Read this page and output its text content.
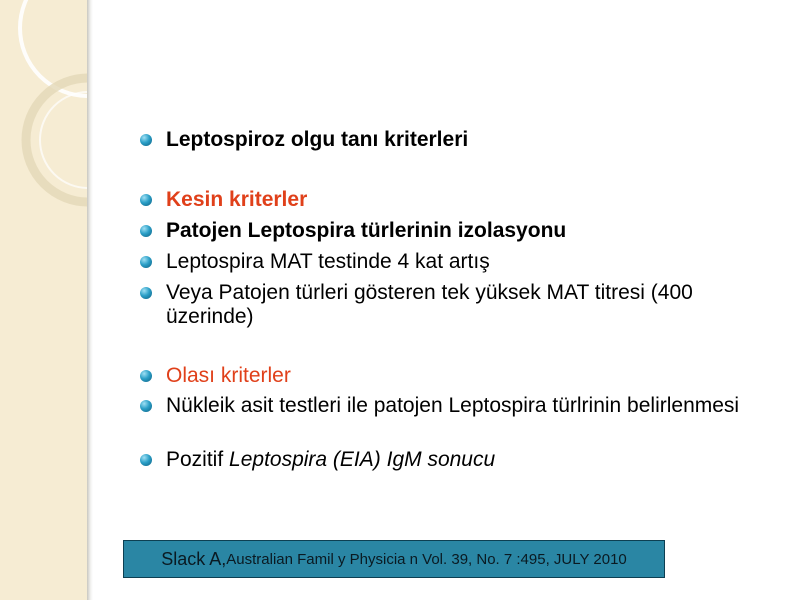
Leptospiroz olgu tanı kriterleri
Kesin kriterler
Patojen Leptospira türlerinin izolasyonu
Leptospira MAT testinde 4 kat artış
Veya Patojen türleri gösteren tek yüksek MAT titresi (400 üzerinde)
Olası kriterler
Nükleik asit testleri ile patojen Leptospira türlrinin belirlenmesi
Pozitif Leptospira (EIA) IgM sonucu
Slack A, Australian Famil y Physicia n Vol. 39, No. 7 :495, JULY 2010
